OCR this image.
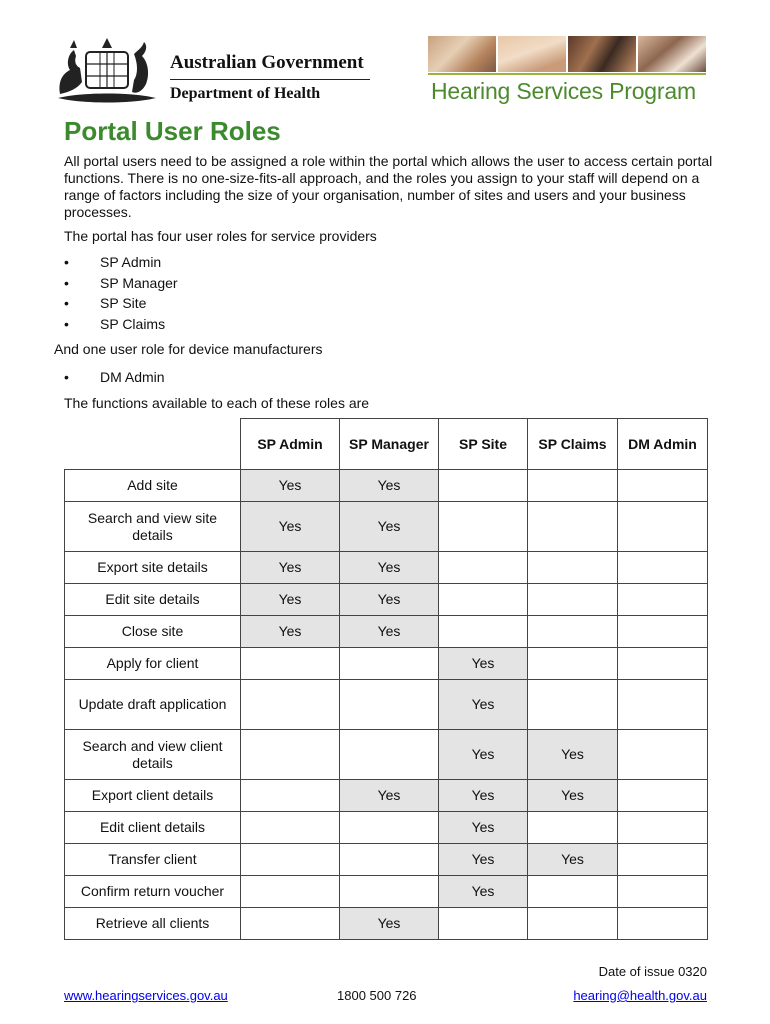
Australian Government
Department of Health	Hearing Services Program
Portal User Roles
All portal users need to be assigned a role within the portal which allows the user to access certain portal functions. There is no one-size-fits-all approach, and the roles you assign to your staff will depend on a range of factors including the size of your organisation, number of sites and users and your business processes.
The portal has four user roles for service providers
• SP Admin
• SP Manager
• SP Site
• SP Claims
And one user role for device manufacturers
• DM Admin
The functions available to each of these roles are
	SP Admin	SP Manager	SP Site	SP Claims	DM Admin
Add site	Yes	Yes			
Search and view site details	Yes	Yes			
Export site details	Yes	Yes			
Edit site details	Yes	Yes			
Close site	Yes	Yes			
Apply for client			Yes		
Update draft application			Yes		
Search and view client details			Yes	Yes	
Export client details		Yes	Yes	Yes	
Edit client details			Yes		
Transfer client			Yes	Yes	
Confirm return voucher			Yes		
Retrieve all clients		Yes			
Date of issue 0320
www.hearingservices.gov.au	1800 500 726	hearing@health.gov.au
